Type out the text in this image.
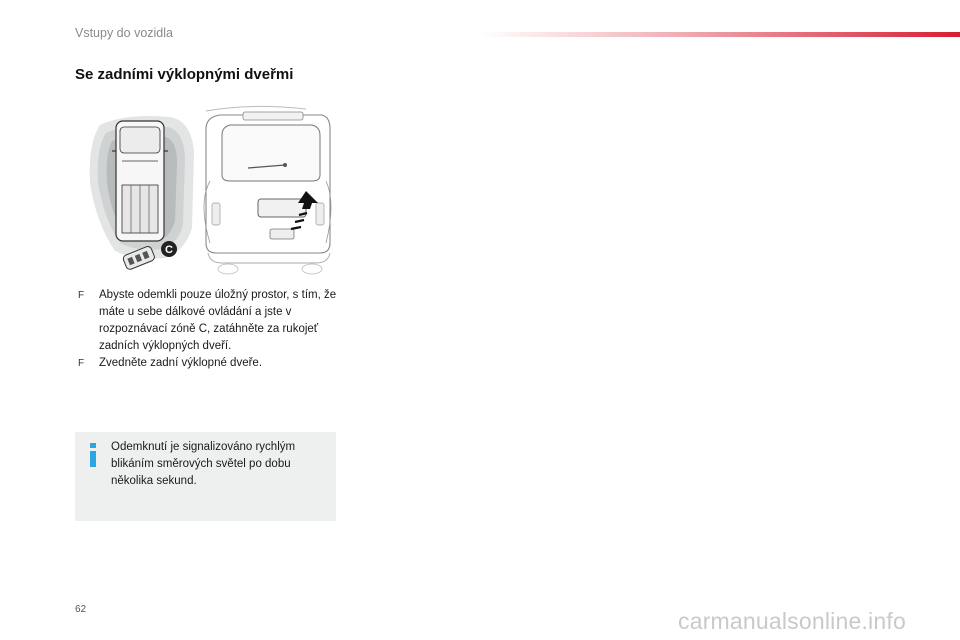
Vstupy do vozidla
Se zadními výklopnými dveřmi
C
F Abyste odemkli pouze úložný prostor, s tím, že máte u sebe dálkové ovládání a jste v rozpoznávací zóně C, zatáhněte za rukojeť zadních výklopných dveří.
F Zvedněte zadní výklopné dveře.
Odemknutí je signalizováno rychlým blikáním směrových světel po dobu několika sekund.
62	carmanualsonline.info
